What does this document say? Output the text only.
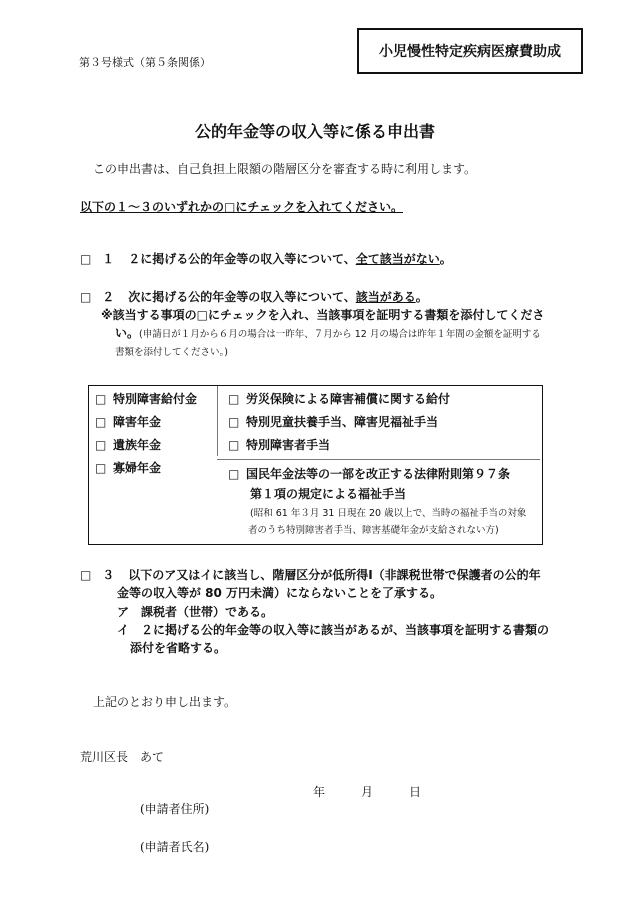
第３号様式（第５条関係）
小児慢性特定疾病医療費助成
公的年金等の収入等に係る申出書
この申出書は、自己負担上限額の階層区分を審査する時に利用します。
以下の１～３のいずれかの□にチェックを入れてください。
□ １ ２に掲げる公的年金等の収入等について、全て該当がない。
□ ２ 次に掲げる公的年金等の収入等について、該当がある。
※該当する事項の□にチェックを入れ、当該事項を証明する書類を添付してくださ
い。(申請日が１月から６月の場合は一昨年、７月から 12 月の場合は昨年１年間の金額を証明する
書類を添付してください。)
□ 特別障害給付金
□ 障害年金
□ 遺族年金
□ 寡婦年金
□ 労災保険による障害補償に関する給付
□ 特別児童扶養手当、障害児福祉手当
□ 特別障害者手当
□ 国民年金法等の一部を改正する法律附則第９７条
第１項の規定による福祉手当
(昭和 61 年３月 31 日現在 20 歳以上で、当時の福祉手当の対象
者のうち特別障害者手当、障害基礎年金が支給されない方)
□ ３ 以下のア又はイに該当し、階層区分が低所得Ⅰ（非課税世帯で保護者の公的年
金等の収入等が 80 万円未満）にならないことを了承する。
ア　課税者（世帯）である。
イ　２に掲げる公的年金等の収入等に該当があるが、当該事項を証明する書類の
添付を省略する。
上記のとおり申し出ます。
荒川区長　あて
年	月	日
(申請者住所)
(申請者氏名)
